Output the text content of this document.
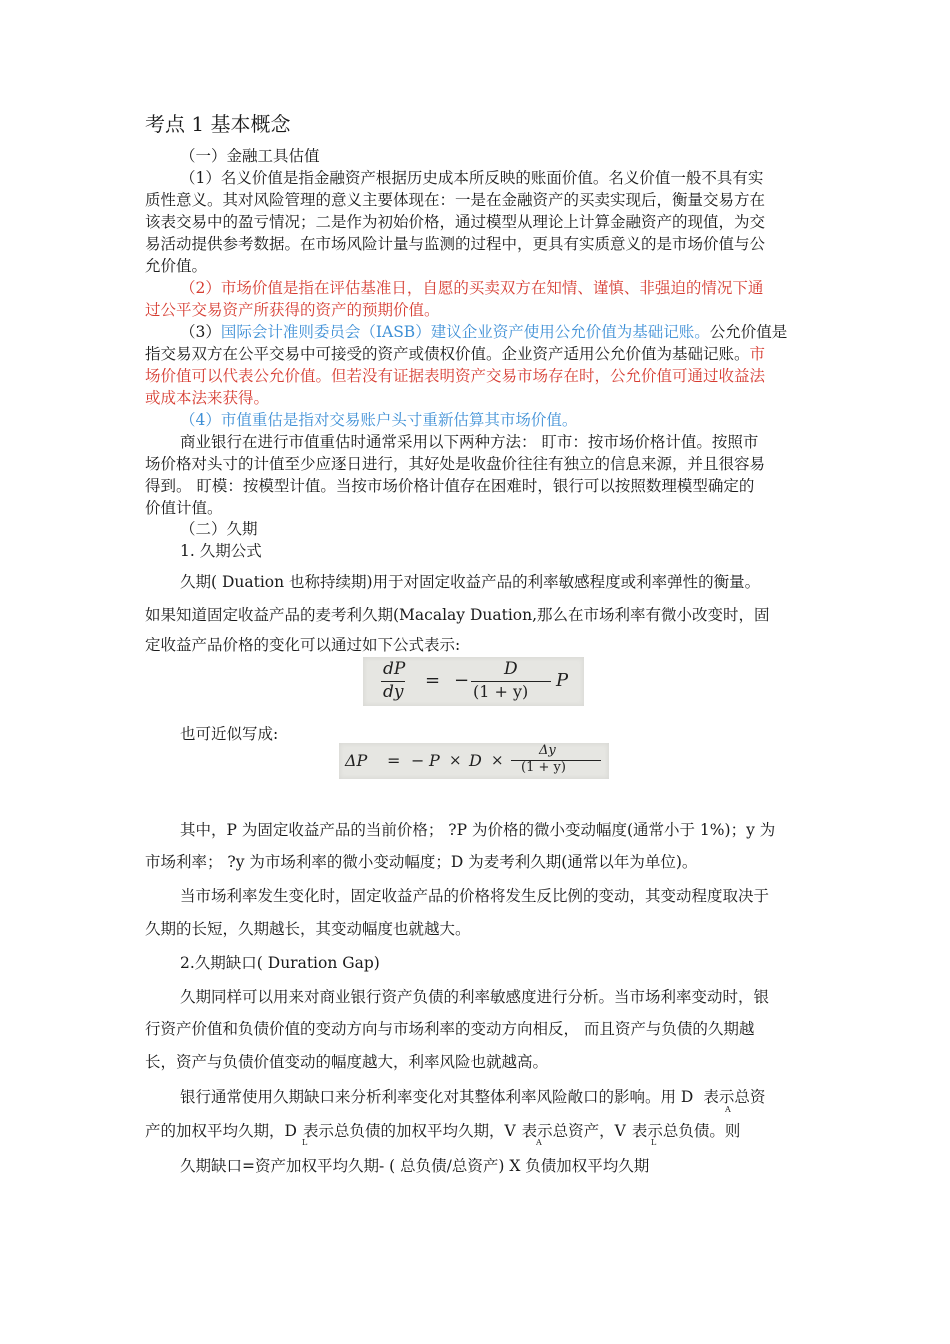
考点 1 基本概念
（一）金融工具估值
（1）名义价值是指金融资产根据历史成本所反映的账面价值。名义价值一般不具有实
质性意义。其对风险管理的意义主要体现在：一是在金融资产的买卖实现后，衡量交易方在
该表交易中的盈亏情况；二是作为初始价格，通过模型从理论上计算金融资产的现值，为交
易活动提供参考数据。在市场风险计量与监测的过程中，更具有实质意义的是市场价值与公
允价值。
（2）市场价值是指在评估基准日，自愿的买卖双方在知情、谨慎、非强迫的情况下通
过公平交易资产所获得的资产的预期价值。
（3）国际会计准则委员会（IASB）建议企业资产使用公允价值为基础记账。公允价值是
指交易双方在公平交易中可接受的资产或债权价值。企业资产适用公允价值为基础记账。市
场价值可以代表公允价值。但若没有证据表明资产交易市场存在时，公允价值可通过收益法
或成本法来获得。
（4）市值重估是指对交易账户头寸重新估算其市场价值。
商业银行在进行市值重估时通常采用以下两种方法： 盯市：按市场价格计值。按照市
场价格对头寸的计值至少应逐日进行，其好处是收盘价往往有独立的信息来源，并且很容易
得到。 盯模：按模型计值。当按市场价格计值存在困难时，银行可以按照数理模型确定的
价值计值。
（二）久期
1. 久期公式
久期( Duation 也称持续期)用于对固定收益产品的利率敏感程度或利率弹性的衡量。
如果知道固定收益产品的麦考利久期(Macalay Duation,那么在市场利率有微小改变时，固
定收益产品价格的变化可以通过如下公式表示:
dP
dy
= −
D
(1 + y)
P
也可近似写成:
ΔP = − P × D ×
Δy
(1 + y)
其中，P 为固定收益产品的当前价格； ?P 为价格的微小变动幅度(通常小于 1%)；y 为
市场利率； ?y 为市场利率的微小变动幅度；D 为麦考利久期(通常以年为单位)。
当市场利率发生变化时，固定收益产品的价格将发生反比例的变动，其变动程度取决于
久期的长短，久期越长，其变动幅度也就越大。
2.久期缺口( Duration Gap)
久期同样可以用来对商业银行资产负债的利率敏感度进行分析。当市场利率变动时，银
行资产价值和负债价值的变动方向与市场利率的变动方向相反， 而且资产与负债的久期越
长，资产与负债价值变动的幅度越大，利率风险也就越高。
银行通常使用久期缺口来分析利率变化对其整体利率风险敞口的影响。用 D 表示总资
A
产的加权平均久期，D 表示总负债的加权平均久期，V 表示总资产，V 表示总负债。则
L	A	L
久期缺口=资产加权平均久期- ( 总负债/总资产) X 负债加权平均久期
